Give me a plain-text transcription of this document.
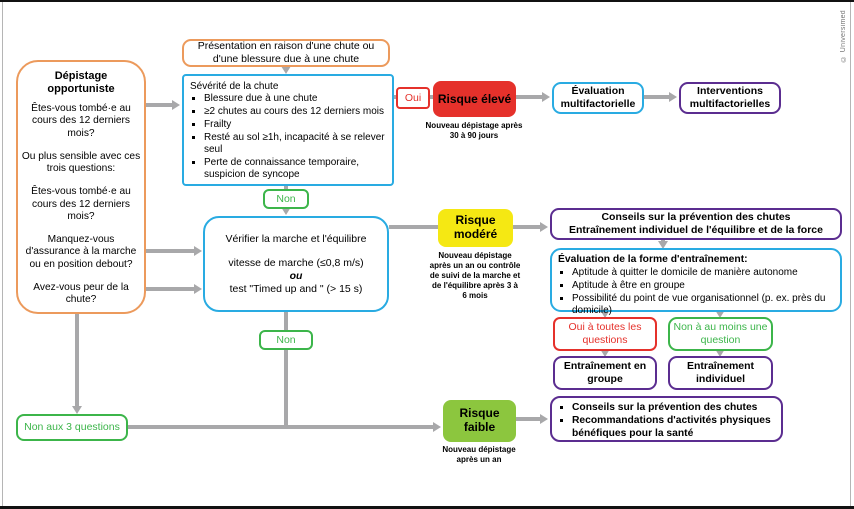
Dépistage opportuniste

Êtes-vous tombé·e au cours des 12 derniers mois?

Ou plus sensible avec ces trois questions:

Êtes-vous tombé·e au cours des 12 derniers mois?

Manquez-vous d'assurance à la marche ou en position debout?

Avez-vous peur de la chute?

Présentation en raison d'une chute ou d'une blessure due à une chute
Sévérité de la chute
▪ Blessure due à une chute
▪ ≥2 chutes au cours des 12 derniers mois
▪ Frailty
▪ Resté au sol ≥1h, incapacité à se relever seul
▪ Perte de connaissance temporaire, suspicion de syncope
Oui Risque élevé
Nouveau dépistage après 30 à 90 jours
Évaluation multifactorielle
Interventions multifactorielles
Non
Vérifier la marche et l'équilibre
vitesse de marche (≤0,8 m/s)
ou
test "Timed up and " (> 15 s)
Risque modéré
Nouveau dépistage après un an ou contrôle de suivi de la marche et de l'équilibre après 3 à 6 mois
Conseils sur la prévention des chutes
Entraînement individuel de l'équilibre et de la force
Évaluation de la forme d'entraînement:
▪ Aptitude à quitter le domicile de manière autonome
▪ Aptitude à être en groupe
▪ Possibilité du point de vue organisationnel (p. ex. près du domicile)
Oui à toutes les questions
Non à au moins une question
Entraînement en groupe
Entraînement individuel
Non
Non aux 3 questions
Risque faible
Nouveau dépistage après un an
▪ Conseils sur la prévention des chutes
▪ Recommandations d'activités physiques bénéfiques pour la santé
© Universimed
